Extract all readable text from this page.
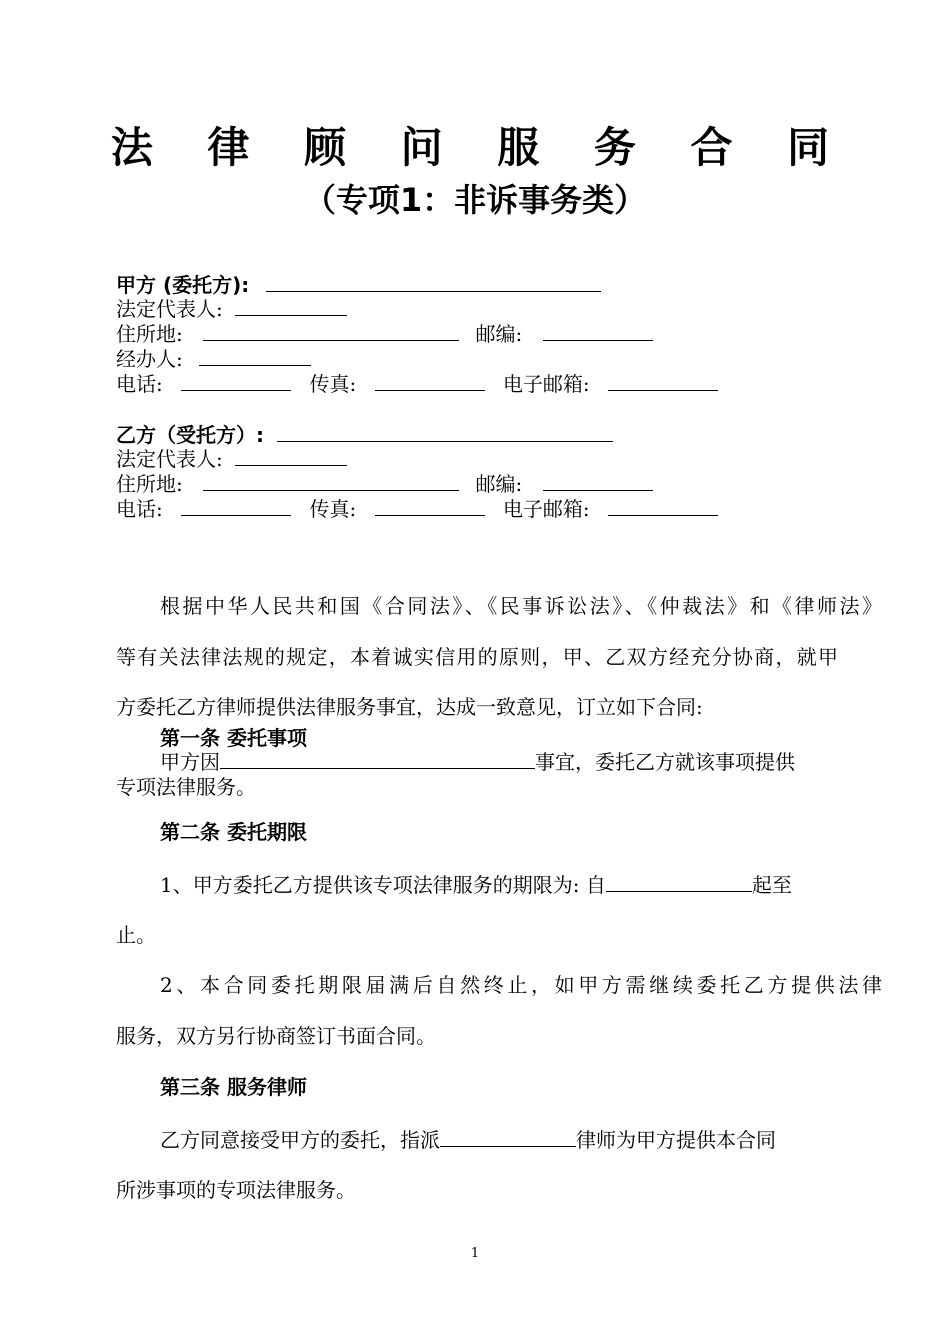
法 律 顾 问 服 务 合 同
（专项1：非诉事务类）
甲方 (委托方):
法定代表人:
住所地:	邮编:
经办人:
电话:	传真:	电子邮箱:
乙方（受托方）:
法定代表人:
住所地:	邮编:
电话:	传真:	电子邮箱:
根据中华人民共和国《合同法》、《民事诉讼法》、《仲裁法》和《律师法》
等有关法律法规的规定，本着诚实信用的原则，甲、乙双方经充分协商，就甲
方委托乙方律师提供法律服务事宜，达成一致意见，订立如下合同:
第一条 委托事项
甲方因	事宜，委托乙方就该事项提供
专项法律服务。
第二条 委托期限
1、甲方委托乙方提供该专项法律服务的期限为: 自	起至
止。
2、本合同委托期限届满后自然终止，如甲方需继续委托乙方提供法律
服务，双方另行协商签订书面合同。
第三条 服务律师
乙方同意接受甲方的委托，指派	律师为甲方提供本合同
所涉事项的专项法律服务。
1
